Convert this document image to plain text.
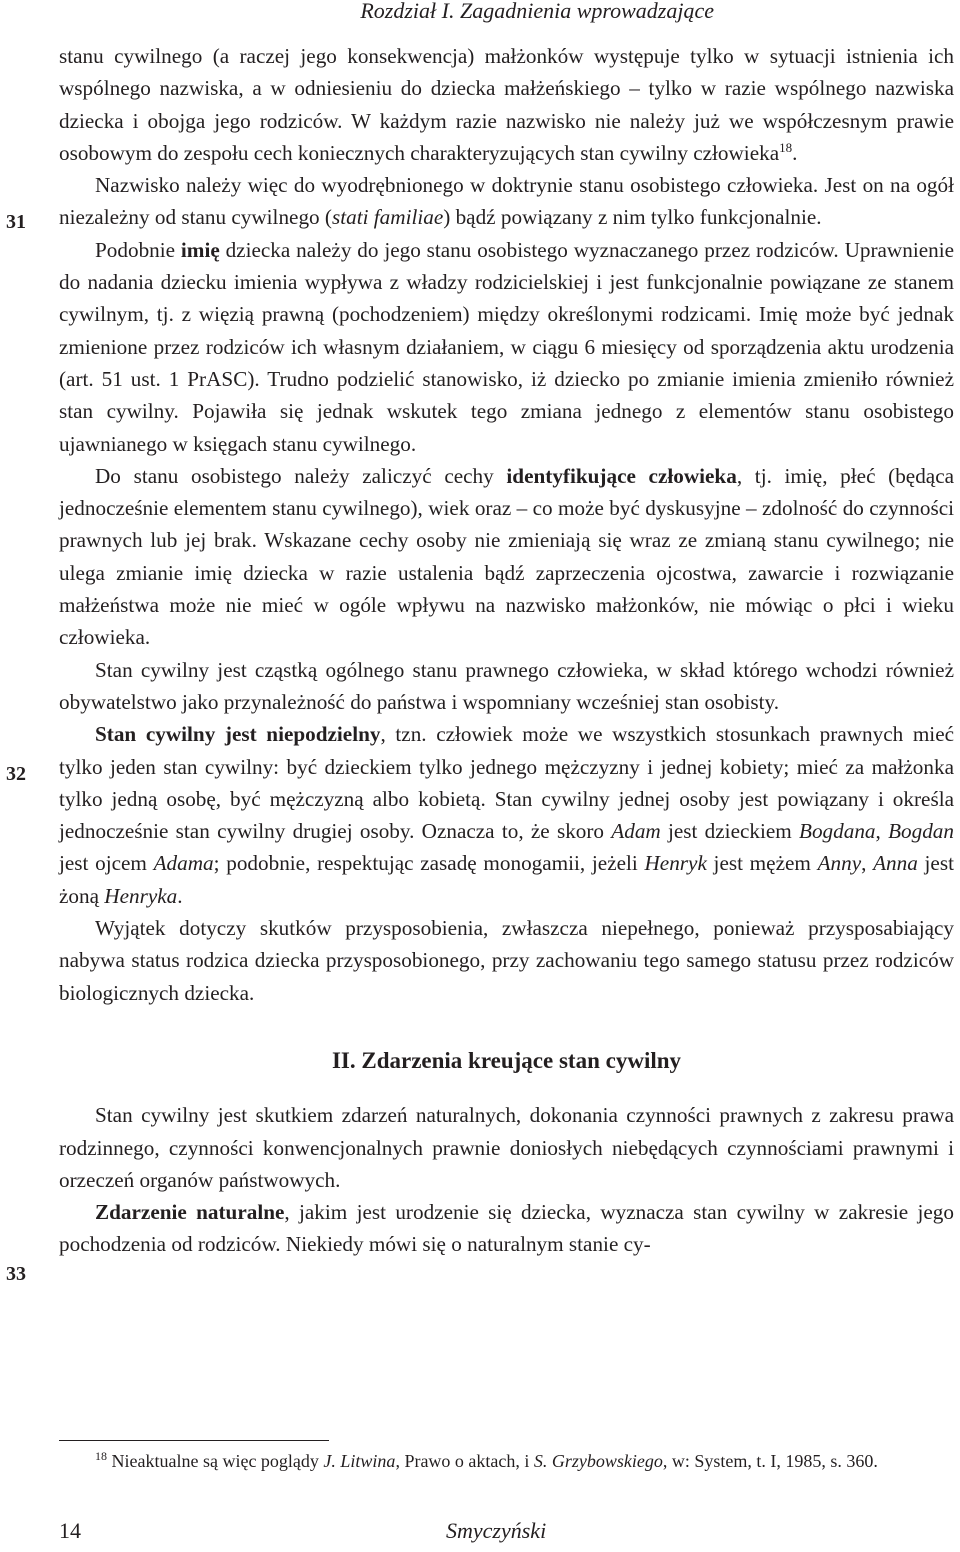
Rozdział I. Zagadnienia wprowadzające
31
32
33

stanu cywilnego (a raczej jego konsekwencja) małżonków występuje tylko w sytuacji istnienia ich wspólnego nazwiska, a w odniesieniu do dziecka małżeńskiego – tylko w razie wspólnego nazwiska dziecka i obojga jego rodziców. W każdym razie nazwisko nie należy już we współczesnym prawie osobowym do zespołu cech koniecznych charakteryzujących stan cywilny człowieka$^{18}$.

Nazwisko należy więc do wyodrębnionego w doktrynie stanu osobistego człowieka. Jest on na ogół niezależny od stanu cywilnego (stati familiae) bądź powiązany z nim tylko funkcjonalnie.

Podobnie imię dziecka należy do jego stanu osobistego wyznaczanego przez rodziców. Uprawnienie do nadania dziecku imienia wypływa z władzy rodzicielskiej i jest funkcjonalnie powiązane ze stanem cywilnym, tj. z więzią prawną (pochodzeniem) między określonymi rodzicami. Imię może być jednak zmienione przez rodziców ich własnym działaniem, w ciągu 6 miesięcy od sporządzenia aktu urodzenia (art. 51 ust. 1 PrASC). Trudno podzielić stanowisko, iż dziecko po zmianie imienia zmieniło również stan cywilny. Pojawiła się jednak wskutek tego zmiana jednego z elementów stanu osobistego ujawnianego w księgach stanu cywilnego.

Do stanu osobistego należy zaliczyć cechy identyfikujące człowieka, tj. imię, płeć (będąca jednocześnie elementem stanu cywilnego), wiek oraz – co może być dyskusyjne – zdolność do czynności prawnych lub jej brak. Wskazane cechy osoby nie zmieniają się wraz ze zmianą stanu cywilnego; nie ulega zmianie imię dziecka w razie ustalenia bądź zaprzeczenia ojcostwa, zawarcie i rozwiązanie małżeństwa może nie mieć w ogóle wpływu na nazwisko małżonków, nie mówiąc o płci i wieku człowieka.

Stan cywilny jest cząstką ogólnego stanu prawnego człowieka, w skład którego wchodzi również obywatelstwo jako przynależność do państwa i wspomniany wcześniej stan osobisty.

Stan cywilny jest niepodzielny, tzn. człowiek może we wszystkich stosunkach prawnych mieć tylko jeden stan cywilny: być dzieckiem tylko jednego mężczyzny i jednej kobiety; mieć za małżonka tylko jedną osobę, być mężczyzną albo kobietą. Stan cywilny jednej osoby jest powiązany i określa jednocześnie stan cywilny drugiej osoby. Oznacza to, że skoro Adam jest dzieckiem Bogdana, Bogdan jest ojcem Adama; podobnie, respektując zasadę monogamii, jeżeli Henryk jest mężem Anny, Anna jest żoną Henryka.

Wyjątek dotyczy skutków przysposobienia, zwłaszcza niepełnego, ponieważ przysposabiający nabywa status rodzica dziecka przysposobionego, przy zachowaniu tego samego statusu przez rodziców biologicznych dziecka.

II. Zdarzenia kreujące stan cywilny

Stan cywilny jest skutkiem zdarzeń naturalnych, dokonania czynności prawnych z zakresu prawa rodzinnego, czynności konwencjonalnych prawnie doniosłych niebędących czynnościami prawnymi i orzeczeń organów państwowych.

Zdarzenie naturalne, jakim jest urodzenie się dziecka, wyznacza stan cywilny w zakresie jego pochodzenia od rodziców. Niekiedy mówi się o naturalnym stanie cy-

$^{18}$ Nieaktualne są więc poglądy J. Litwina, Prawo o aktach, i S. Grzybowskiego, w: System, t. I, 1985, s. 360.
14	Smyczyński
